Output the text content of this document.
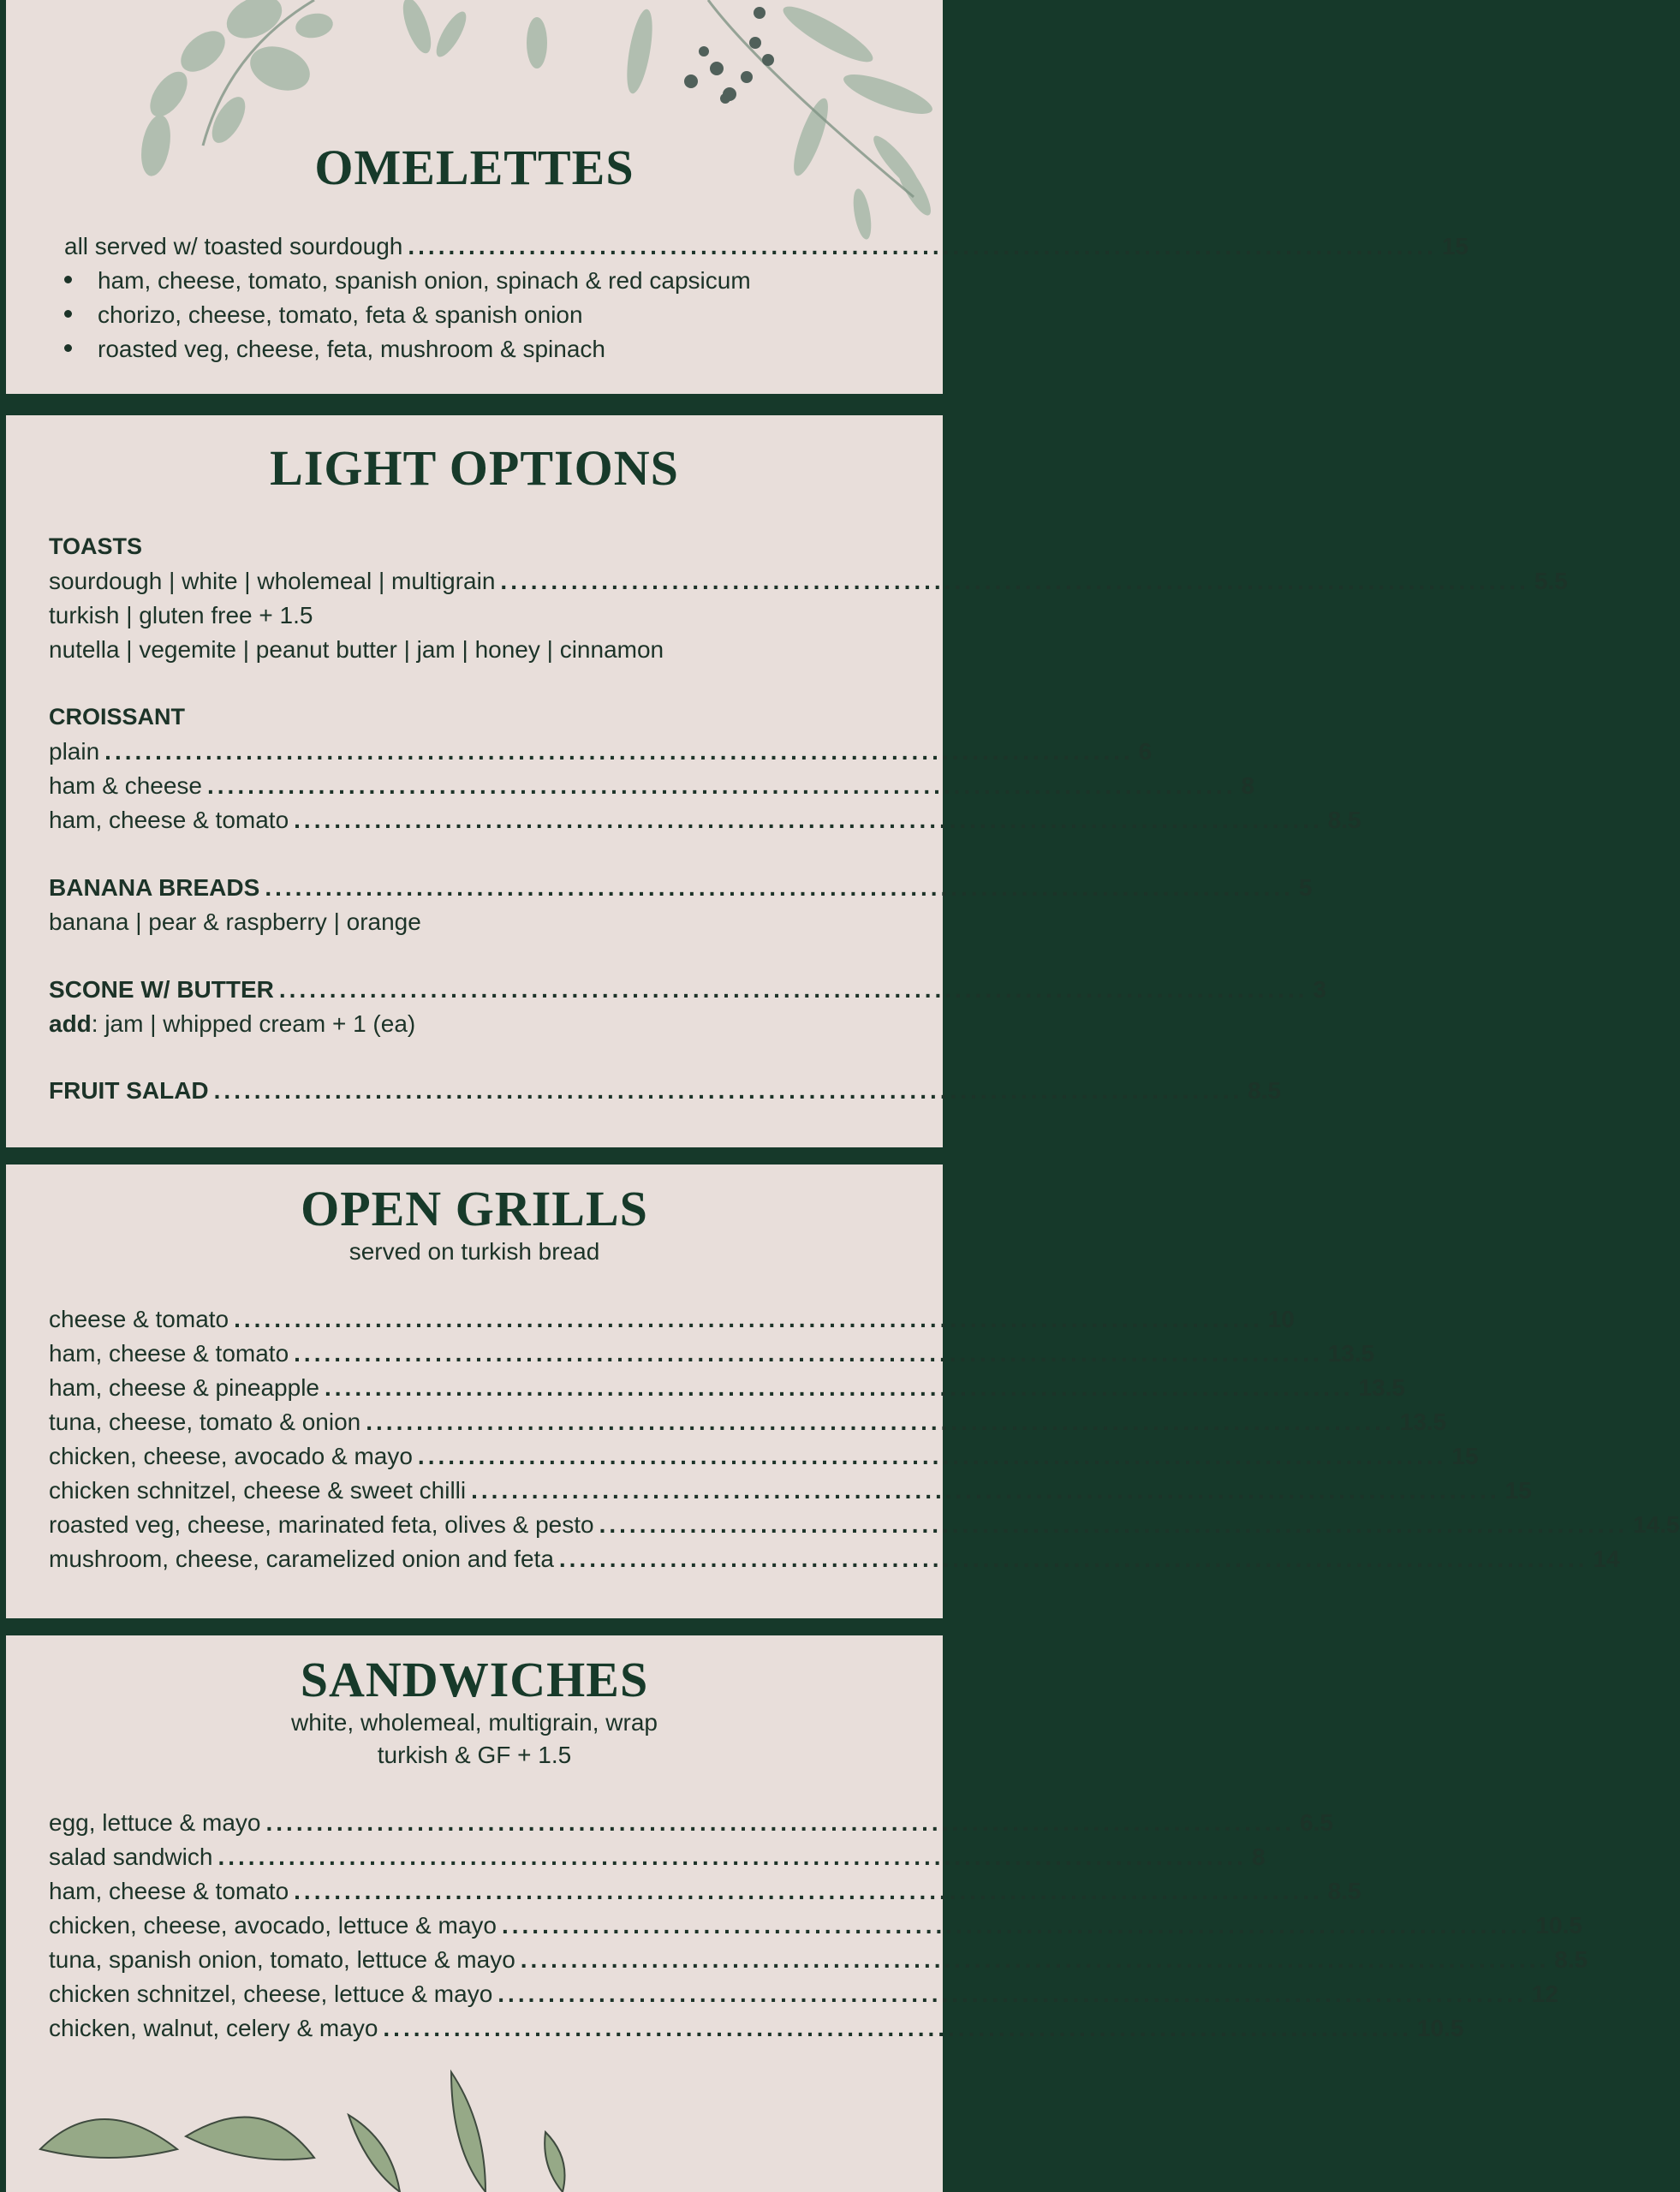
OMELETTES
all served w/ toasted sourdough ...................................................................................................... 15
ham, cheese, tomato, spanish onion, spinach & red capsicum
chorizo, cheese, tomato, feta & spanish onion
roasted veg, cheese, feta, mushroom & spinach
LIGHT OPTIONS
TOASTS
sourdough | white | wholemeal | multigrain ...................................................................................................... 5.5
turkish | gluten free + 1.5
nutella | vegemite | peanut butter | jam | honey | cinnamon
CROISSANT
plain ...................................................................................................... 6
ham & cheese ...................................................................................................... 8
ham, cheese & tomato ...................................................................................................... 8.5
BANANA BREADS ...................................................................................................... 5
banana | pear & raspberry | orange
SCONE W/ BUTTER ...................................................................................................... 3
add: jam | whipped cream + 1 (ea)
FRUIT SALAD ...................................................................................................... 8.5
OPEN GRILLS
served on turkish bread
cheese & tomato ...................................................................................................... 10
ham, cheese & tomato ...................................................................................................... 13.5
ham, cheese & pineapple ...................................................................................................... 13.5
tuna, cheese, tomato & onion ...................................................................................................... 13.5
chicken, cheese, avocado & mayo ...................................................................................................... 15
chicken schnitzel, cheese & sweet chilli ...................................................................................................... 15
roasted veg, cheese, marinated feta, olives & pesto ...................................................................................................... 14.5
mushroom, cheese, caramelized onion and feta ...................................................................................................... 14
SANDWICHES
white, wholemeal, multigrain, wrap
turkish & GF + 1.5
egg, lettuce & mayo ...................................................................................................... 6.5
salad sandwich ...................................................................................................... 8
ham, cheese & tomato ...................................................................................................... 8.5
chicken, cheese, avocado, lettuce & mayo ...................................................................................................... 10.5
tuna, spanish onion, tomato, lettuce & mayo ...................................................................................................... 8.5
chicken schnitzel, cheese, lettuce & mayo ...................................................................................................... 12
chicken, walnut, celery & mayo ...................................................................................................... 10.5
